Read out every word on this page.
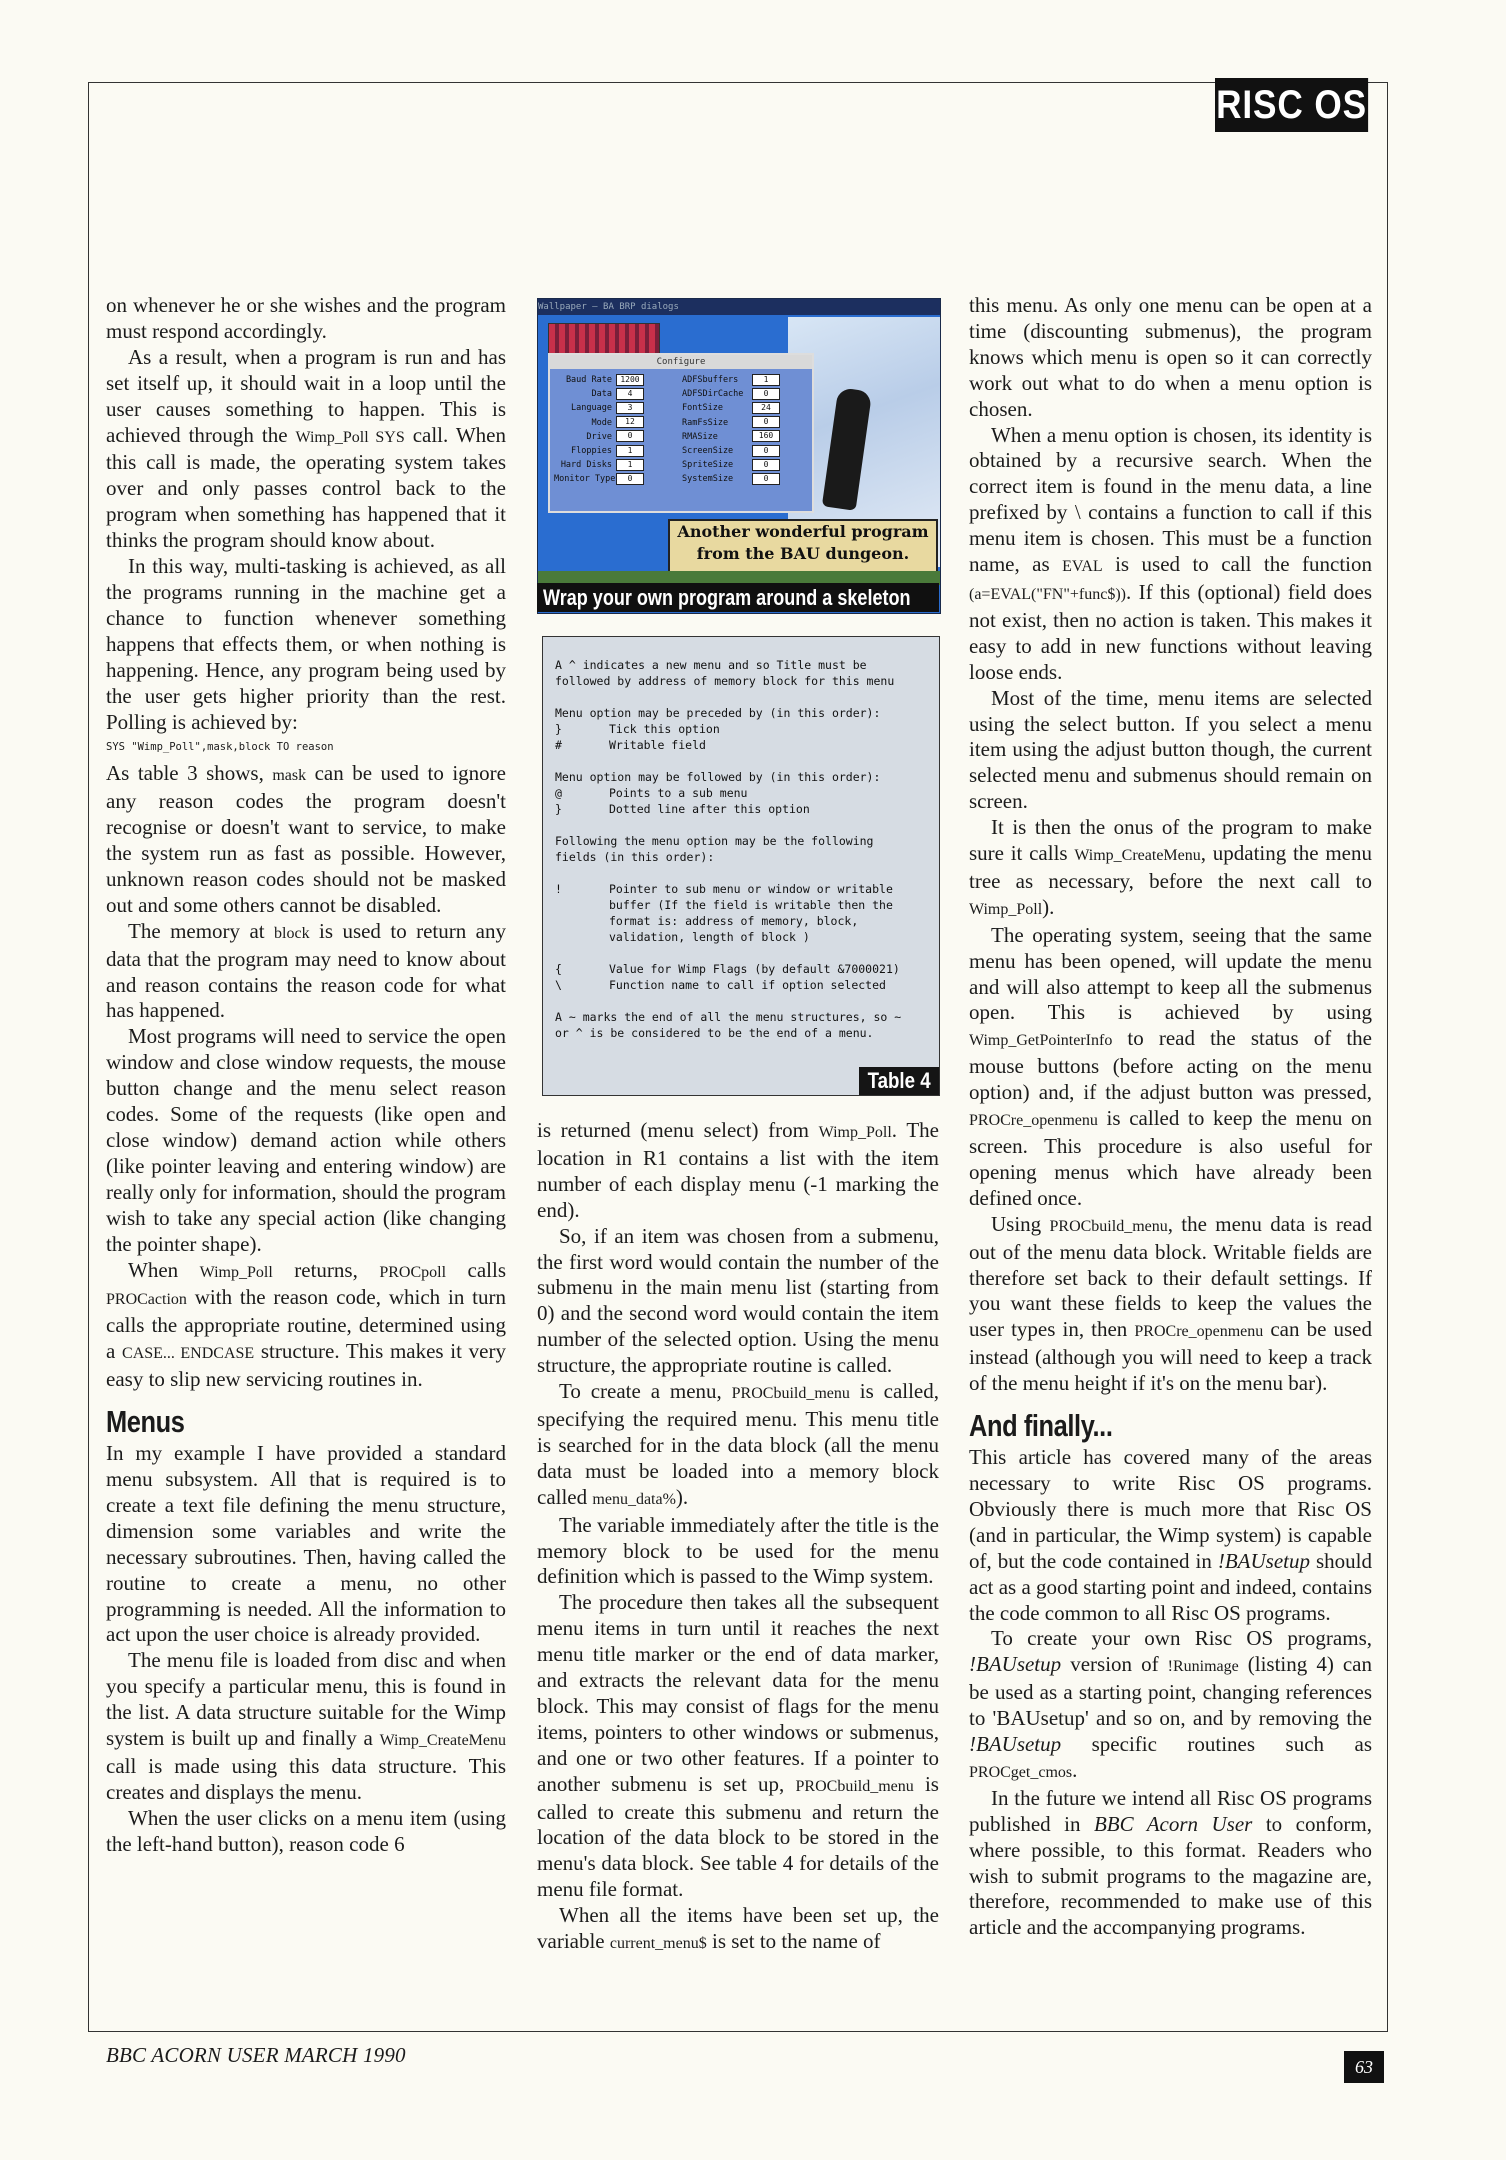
RISC OS

on whenever he or she wishes and the program must respond accordingly.

As a result, when a program is run and has set itself up, it should wait in a loop until the user causes something to happen. This is achieved through the Wimp_Poll SYS call. When this call is made, the operating system takes over and only passes control back to the program when something has happened that it thinks the program should know about.

In this way, multi-tasking is achieved, as all the programs running in the machine get a chance to function whenever something happens that effects them, or when nothing is happening. Hence, any program being used by the user gets higher priority than the rest. Polling is achieved by:

SYS "Wimp_Poll",mask,block TO reason

As table 3 shows, mask can be used to ignore any reason codes the program doesn't recognise or doesn't want to service, to make the system run as fast as possible. However, unknown reason codes should not be masked out and some others cannot be disabled.

The memory at block is used to return any data that the program may need to know about and reason contains the reason code for what has happened.

Most programs will need to service the open window and close window requests, the mouse button change and the menu select reason codes. Some of the requests (like open and close window) demand action while others (like pointer leaving and entering window) are really only for information, should the program wish to take any special action (like changing the pointer shape).

When Wimp_Poll returns, PROCpoll calls PROCaction with the reason code, which in turn calls the appropriate routine, determined using a CASE... ENDCASE structure. This makes it very easy to slip new servicing routines in.

Menus

In my example I have provided a standard menu subsystem. All that is required is to create a text file defining the menu structure, dimension some variables and write the necessary subroutines. Then, having called the routine to create a menu, no other programming is needed. All the information to act upon the user choice is already provided.

The menu file is loaded from disc and when you specify a particular menu, this is found in the list. A data structure suitable for the Wimp system is built up and finally a Wimp_CreateMenu call is made using this data structure. This creates and displays the menu.

When the user clicks on a menu item (using the left-hand button), reason code 6

Wallpaper — BA BRP dialogs
Configure
Baud Rate 1200
Data 4
Language 3
Mode 12
Drive 0
Floppies 1
Hard Disks 1
Monitor Type 0
ADFSbuffers	1
ADFSDirCache	0
FontSize	24
RamFsSize	0
RMASize	160
ScreenSize	0
SpriteSize	0
SystemSize	0
Another wonderful program
from the BAU dungeon.
Wrap your own program around a skeleton
A ^ indicates a new menu and so Title must be
followed by address of memory block for this menu
Menu option may be preceded by (in this order):
}	Tick this option
#	Writable field
Menu option may be followed by (in this order):
@	Points to a sub menu
}	Dotted line after this option
Following the menu option may be the following
fields (in this order):
!	Pointer to sub menu or window or writable
buffer (If the field is writable then the
format is: address of memory, block,
validation, length of block )
{	Value for Wimp Flags (by default &7000021)
\	Function name to call if option selected
A ~ marks the end of all the menu structures, so ~
or ^ is be considered to be the end of a menu.
Table 4

is returned (menu select) from Wimp_Poll. The location in R1 contains a list with the item number of each display menu (-1 marking the end).

So, if an item was chosen from a submenu, the first word would contain the number of the submenu in the main menu list (starting from 0) and the second word would contain the item number of the selected option. Using the menu structure, the appropriate routine is called.

To create a menu, PROCbuild_menu is called, specifying the required menu. This menu title is searched for in the data block (all the menu data must be loaded into a memory block called menu_data%).

The variable immediately after the title is the memory block to be used for the menu definition which is passed to the Wimp system.

The procedure then takes all the subsequent menu items in turn until it reaches the next menu title marker or the end of data marker, and extracts the relevant data for the menu block. This may consist of flags for the menu items, pointers to other windows or submenus, and one or two other features. If a pointer to another submenu is set up, PROCbuild_menu is called to create this submenu and return the location of the data block to be stored in the menu's data block. See table 4 for details of the menu file format.

When all the items have been set up, the variable current_menu$ is set to the name of

this menu. As only one menu can be open at a time (discounting submenus), the program knows which menu is open so it can correctly work out what to do when a menu option is chosen.

When a menu option is chosen, its identity is obtained by a recursive search. When the correct item is found in the menu data, a line prefixed by \ contains a function to call if this menu item is chosen. This must be a function name, as EVAL is used to call the function (a=EVAL("FN"+func$)). If this (optional) field does not exist, then no action is taken. This makes it easy to add in new functions without leaving loose ends.

Most of the time, menu items are selected using the select button. If you select a menu item using the adjust button though, the current selected menu and submenus should remain on screen.

It is then the onus of the program to make sure it calls Wimp_CreateMenu, updating the menu tree as necessary, before the next call to Wimp_Poll).

The operating system, seeing that the same menu has been opened, will update the menu and will also attempt to keep all the submenus open. This is achieved by using Wimp_GetPointerInfo to read the status of the mouse buttons (before acting on the menu option) and, if the adjust button was pressed, PROCre_openmenu is called to keep the menu on screen. This procedure is also useful for opening menus which have already been defined once.

Using PROCbuild_menu, the menu data is read out of the menu data block. Writable fields are therefore set back to their default settings. If you want these fields to keep the values the user types in, then PROCre_openmenu can be used instead (although you will need to keep a track of the menu height if it's on the menu bar).

And finally...

This article has covered many of the areas necessary to write Risc OS programs. Obviously there is much more that Risc OS (and in particular, the Wimp system) is capable of, but the code contained in !BAUsetup should act as a good starting point and indeed, contains the code common to all Risc OS programs.

To create your own Risc OS programs, !BAUsetup version of !Runimage (listing 4) can be used as a starting point, changing references to 'BAUsetup' and so on, and by removing the !BAUsetup specific routines such as PROCget_cmos.

In the future we intend all Risc OS programs published in BBC Acorn User to conform, where possible, to this format. Readers who wish to submit programs to the magazine are, therefore, recommended to make use of this article and the accompanying programs.

BBC ACORN USER MARCH 1990	63
